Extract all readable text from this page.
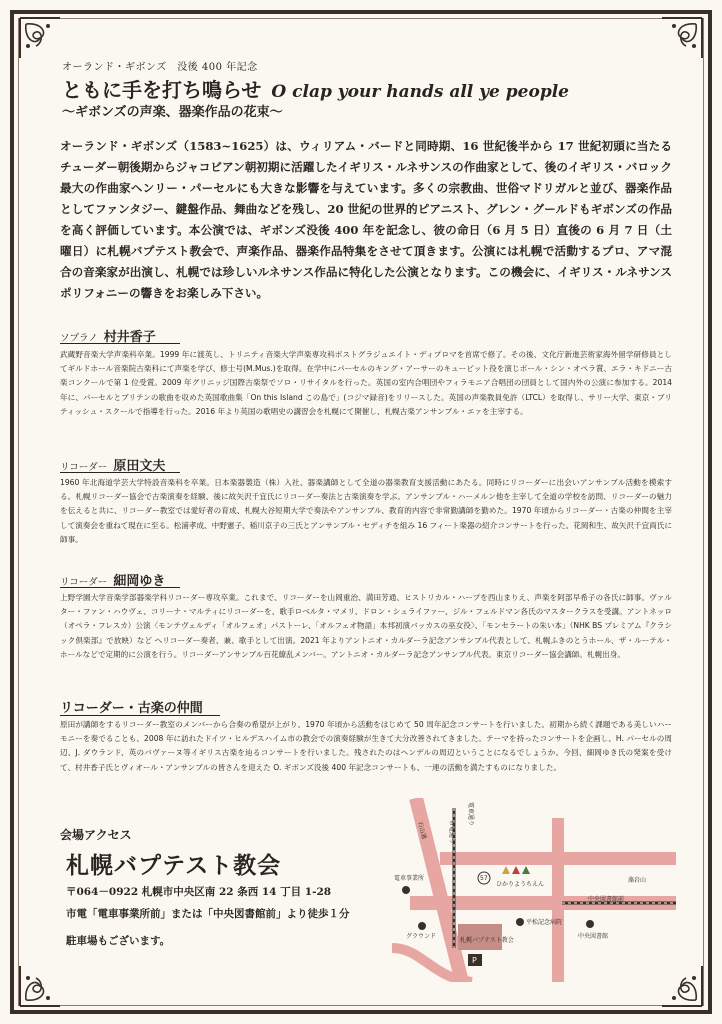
オーランド・ギボンズ　没後 400 年記念
ともに手を打ち鳴らせ O clap your hands all ye people
〜ギボンズの声楽、器楽作品の花束〜

オーランド・ギボンズ（1583~1625）は、ウィリアム・バードと同時期、16 世紀後半から 17 世紀初頭に当たるチューダー朝後期からジャコビアン朝初期に活躍したイギリス・ルネサンスの作曲家として、後のイギリス・バロック最大の作曲家ヘンリー・パーセルにも大きな影響を与えています。多くの宗教曲、世俗マドリガルと並び、器楽作品としてファンタジー、鍵盤作品、舞曲などを残し、20 世紀の世界的ピアニスト、グレン・グールドもギボンズの作品を高く評価しています。本公演では、ギボンズ没後 400 年を記念し、彼の命日（6 月 5 日）直後の 6 月 7 日（土曜日）に札幌バプテスト教会で、声楽作品、器楽作品特集をさせて頂きます。公演には札幌で活動するプロ、アマ混合の音楽家が出演し、札幌では珍しいルネサンス作品に特化した公演となります。この機会に、イギリス・ルネサンスポリフォニーの響きをお楽しみ下さい。

ソプラノ 村井香子

武蔵野音楽大学声楽科卒業。1999 年に渡英し、トリニティ音楽大学声楽専攻科ポストグラジュエイト・ディプロマを首席で修了。その後、文化庁新進芸術家海外留学研修員としてギルドホール音楽院古楽科にて声楽を学び、修士号(M.Mus.)を取得。在学中にパーセルのキング・アーサーのキューピット役を演じポール・シン・オペラ賞、エラ・キドニー古楽コンクールで第 1 位受賞。2009 年グリニッジ国際古楽祭でソロ・リサイタルを行った。英国の室内合唱団やフィラモニア合唱団の団員として国内外の公演に参加する。2014 年に、パーセルとブリテンの歌曲を収めた英国歌曲集「On this Island この島で」(コジマ録音)をリリースした。英国の声楽教員免許（LTCL）を取得し、サリー大学、東京・ブリティッシュ・スクールで指導を行った。2016 年より英国の歌唱史の講習会を札幌にて開催し、札幌古楽アンサンブル・エァを主宰する。

リコーダー 原田文夫

1960 年北海道学芸大学特設音楽科を卒業。日本楽器製造（株）入社、器楽講師として全道の器楽教育支援活動にあたる。同時にリコーダーに出会いアンサンブル活動を模索する。札幌リコーダー協会で古楽演奏を経験、後に故矢沢千宜氏にリコーダー奏法と古楽演奏を学ぶ。アンサンブル・ハーメルン他を主宰して全道の学校を訪問、リコーダーの魅力を伝えると共に、リコーダー教室では愛好者の育成、札幌大谷短期大学で奏法やアンサンブル、教育的内容で非常勤講師を勤めた。1970 年頃からリコーダー・古楽の仲間を主宰して演奏会を重ねて現在に至る。松浦孝成、中野憲子、稲川京子の三氏とアンサンブル・セディチを組み 16 フィート楽器の紹介コンサートを行った。花岡和生、故矢沢千宜両氏に師事。

リコーダー 細岡ゆき

上野学園大学音楽学部器楽学科リコーダー専攻卒業。これまで、リコーダーを山岡重治、満田芳通、ヒストリカル・ハープを西山まりえ、声楽を阿部早希子の各氏に師事。ヴァルター・ファン・ハウヴェ、コリーナ・マルティにリコーダーを、歌手ロベルタ・マメリ、ドロン・シュライファー、ジル・フェルドマン各氏のマスタークラスを受講。アントネッロ（オペラ・フレスカ）公演〈モンテヴェルディ「オルフェオ」パストーレ、「オルフェオ物語」本邦初演バッカスの巫女役〉、「モンセラートの朱い本」（NHK BS プレミアム『クラシック倶楽部』で放映）など へリコーダー奏者、兼、歌手として出演。2021 年よりアントニオ・カルダーラ記念アンサンブル代表として、札幌ふきのとうホール、ザ・ルーテル・ホールなどで定期的に公演を行う。リコーダーアンサンブル百花繚乱メンバー。アントニオ・カルダーラ記念アンサンブル代表。東京リコーダー協会講師。札幌出身。

リコーダー・古楽の仲間

原田が講師をするリコーダー教室のメンバーから合奏の希望が上がり、1970 年頃から活動をはじめて 50 周年記念コンサートを行いました。初期から続く課題である美しいハーモニーを奏でることも、2008 年に訪れたドイツ・ヒルデスハイム市の教会での演奏経験が生きて大分改善されてきました。テーマを持ったコンサートを企画し、H. パーセルの周辺、J. ダウランド、英のバヴァーヌ等イギリス古楽を辿るコンサートを行いました。残されたのはヘンデルの周辺ということになるでしょうか。今回、細岡ゆき氏の発案を受けて、村井香子氏とヴィオール・アンサンブルの皆さんを迎えた O. ギボンズ没後 400 年記念コンサートも、一連の活動を満たすものになりました。

会場アクセス
札幌バプテスト教会
〒064－0922 札幌市中央区南 22 条西 14 丁目 1-28
市電「電車事業所前」または「中央図書館前」より徒歩１分
駐車場もございます。	札幌バプテスト教会
P
電車事業所
グラウンド
平松記念病院
中央図書館
57
ひかりようちえん
中央図書館前
藻岩山
石山通	市電通り
電車通り
